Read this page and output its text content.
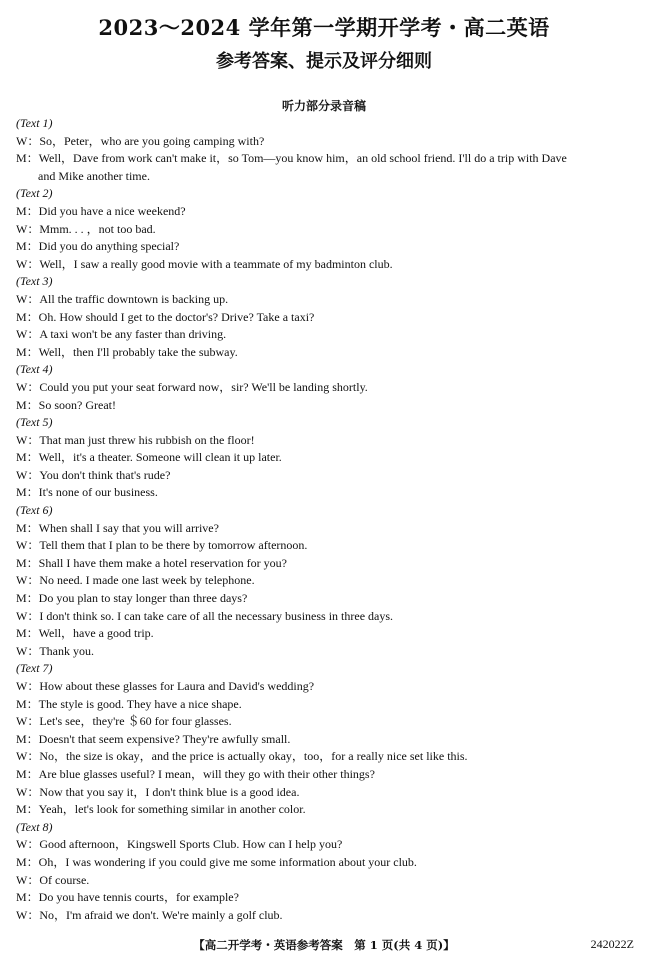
2023～2024 学年第一学期开学考・高二英语
参考答案、提示及评分细则
听力部分录音稿
(Text 1)
W：So，Peter，who are you going camping with?
M：Well，Dave from work can't make it，so Tom—you know him，an old school friend. I'll do a trip with Dave
and Mike another time.
(Text 2)
M：Did you have a nice weekend?
W：Mmm. . . ，not too bad.
M：Did you do anything special?
W：Well，I saw a really good movie with a teammate of my badminton club.
(Text 3)
W：All the traffic downtown is backing up.
M：Oh. How should I get to the doctor's? Drive? Take a taxi?
W：A taxi won't be any faster than driving.
M：Well，then I'll probably take the subway.
(Text 4)
W：Could you put your seat forward now，sir? We'll be landing shortly.
M：So soon? Great!
(Text 5)
W：That man just threw his rubbish on the floor!
M：Well，it's a theater. Someone will clean it up later.
W：You don't think that's rude?
M：It's none of our business.
(Text 6)
M：When shall I say that you will arrive?
W：Tell them that I plan to be there by tomorrow afternoon.
M：Shall I have them make a hotel reservation for you?
W：No need. I made one last week by telephone.
M：Do you plan to stay longer than three days?
W：I don't think so. I can take care of all the necessary business in three days.
M：Well，have a good trip.
W：Thank you.
(Text 7)
W：How about these glasses for Laura and David's wedding?
M：The style is good. They have a nice shape.
W：Let's see，they're ＄60 for four glasses.
M：Doesn't that seem expensive? They're awfully small.
W：No，the size is okay，and the price is actually okay，too，for a really nice set like this.
M：Are blue glasses useful? I mean，will they go with their other things?
W：Now that you say it，I don't think blue is a good idea.
M：Yeah，let's look for something similar in another color.
(Text 8)
W：Good afternoon，Kingswell Sports Club. How can I help you?
M：Oh，I was wondering if you could give me some information about your club.
W：Of course.
M：Do you have tennis courts，for example?
W：No，I'm afraid we don't. We're mainly a golf club.
【高二开学考・英语参考答案　第 1 页(共 4 页)】	242022Z
